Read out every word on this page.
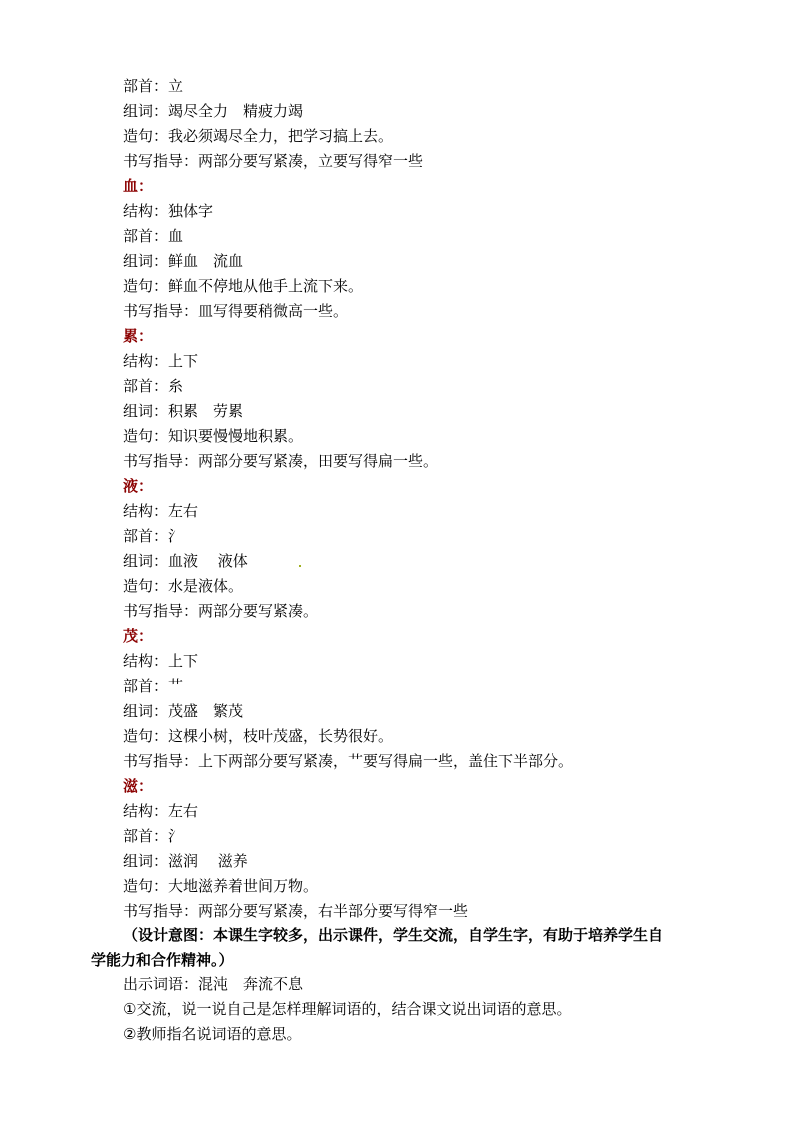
部首：立
组词：竭尽全力　精疲力竭
造句：我必须竭尽全力，把学习搞上去。
书写指导：两部分要写紧凑，立要写得窄一些
血：
结构：独体字
部首：血
组词：鲜血　流血
造句：鲜血不停地从他手上流下来。
书写指导：皿写得要稍微高一些。
累：
结构：上下
部首：糸
组词：积累　劳累
造句：知识要慢慢地积累。
书写指导：两部分要写紧凑，田要写得扁一些。
液：
结构：左右
部首：氵
组词：血液　 液体
造句：水是液体。
书写指导：两部分要写紧凑。
茂：
结构：上下
部首：艹
组词：茂盛　繁茂
造句：这棵小树，枝叶茂盛，长势很好。
书写指导：上下两部分要写紧凑，艹要写得扁一些，盖住下半部分。
滋：
结构：左右
部首：氵
组词：滋润　 滋养
造句：大地滋养着世间万物。
书写指导：两部分要写紧凑，右半部分要写得窄一些
（设计意图：本课生字较多，出示课件，学生交流，自学生字，有助于培养学生自
学能力和合作精神。）
出示词语：混沌　奔流不息
①交流，说一说自己是怎样理解词语的，结合课文说出词语的意思。
②教师指名说词语的意思。
